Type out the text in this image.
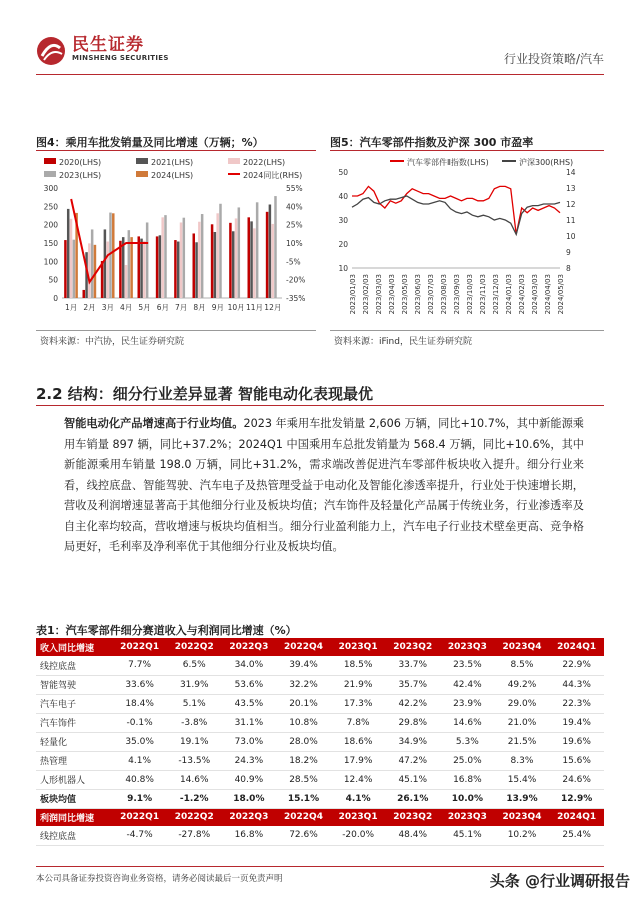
民生证券
MINSHENG SECURITIES	行业投资策略/汽车
图4：乘用车批发销量及同比增速（万辆；%）
2020(LHS)	2021(LHS)	2022(LHS)
2023(LHS)	2024(LHS)	2024同比(RHS)
0
50
100
150
200
250
300	55%
40%
25%
10%
-5%
-20%
-35%
1月 2月 3月 4月 5月 6月 7月 8月 9月 10月 11月 12月
资料来源：中汽协，民生证券研究院
图5：汽车零部件指数及沪深 300 市盈率
汽车零部件Ⅱ指数(LHS)	沪深300(RHS)
10
20
30
40
50
8
9
10
11
12
13
14
2023/01/03 2023/02/03 2023/03/03 2023/04/03 2023/05/03 2023/06/03 2023/07/03 2023/08/03 2023/09/03 2023/10/03 2023/11/03 2023/12/03 2024/01/03 2024/02/03 2024/03/03 2024/04/03 2024/05/03
资料来源：iFind，民生证券研究院
2.2 结构：细分行业差异显著 智能电动化表现最优
智能电动化产品增速高于行业均值。2023 年乘用车批发销量 2,606 万辆，同比+10.7%，其中新能源乘用车销量 897 辆，同比+37.2%；2024Q1 中国乘用车总批发销量为 568.4 万辆，同比+10.6%，其中新能源乘用车销量 198.0 万辆，同比+31.2%，需求端改善促进汽车零部件板块收入提升。细分行业来看，线控底盘、智能驾驶、汽车电子及热管理受益于电动化及智能化渗透率提升，行业处于快速增长期，营收及利润增速显著高于其他细分行业及板块均值；汽车饰件及轻量化产品属于传统业务，行业渗透率及自主化率均较高，营收增速与板块均值相当。细分行业盈利能力上，汽车电子行业技术壁垒更高、竞争格局更好，毛利率及净利率优于其他细分行业及板块均值。
表1：汽车零部件细分赛道收入与利润同比增速（%）
收入同比增速	2022Q1	2022Q2	2022Q3	2022Q4	2023Q1	2023Q2	2023Q3	2023Q4	2024Q1
线控底盘	7.7%	6.5%	34.0%	39.4%	18.5%	33.7%	23.5%	8.5%	22.9%
智能驾驶	33.6%	31.9%	53.6%	32.2%	21.9%	35.7%	42.4%	49.2%	44.3%
汽车电子	18.4%	5.1%	43.5%	20.1%	17.3%	42.2%	23.9%	29.0%	22.3%
汽车饰件	-0.1%	-3.8%	31.1%	10.8%	7.8%	29.8%	14.6%	21.0%	19.4%
轻量化	35.0%	19.1%	73.0%	28.0%	18.6%	34.9%	5.3%	21.5%	19.6%
热管理	4.1%	-13.5%	24.3%	18.2%	17.9%	47.2%	25.0%	8.3%	15.6%
人形机器人	40.8%	14.6%	40.9%	28.5%	12.4%	45.1%	16.8%	15.4%	24.6%
板块均值	9.1%	-1.2%	18.0%	15.1%	4.1%	26.1%	10.0%	13.9%	12.9%
利润同比增速	2022Q1	2022Q2	2022Q3	2022Q4	2023Q1	2023Q2	2023Q3	2023Q4	2024Q1
线控底盘	-4.7%	-27.8%	16.8%	72.6%	-20.0%	48.4%	45.1%	10.2%	25.4%
本公司具备证券投资咨询业务资格，请务必阅读最后一页免责声明	头条 @行业调研报告
